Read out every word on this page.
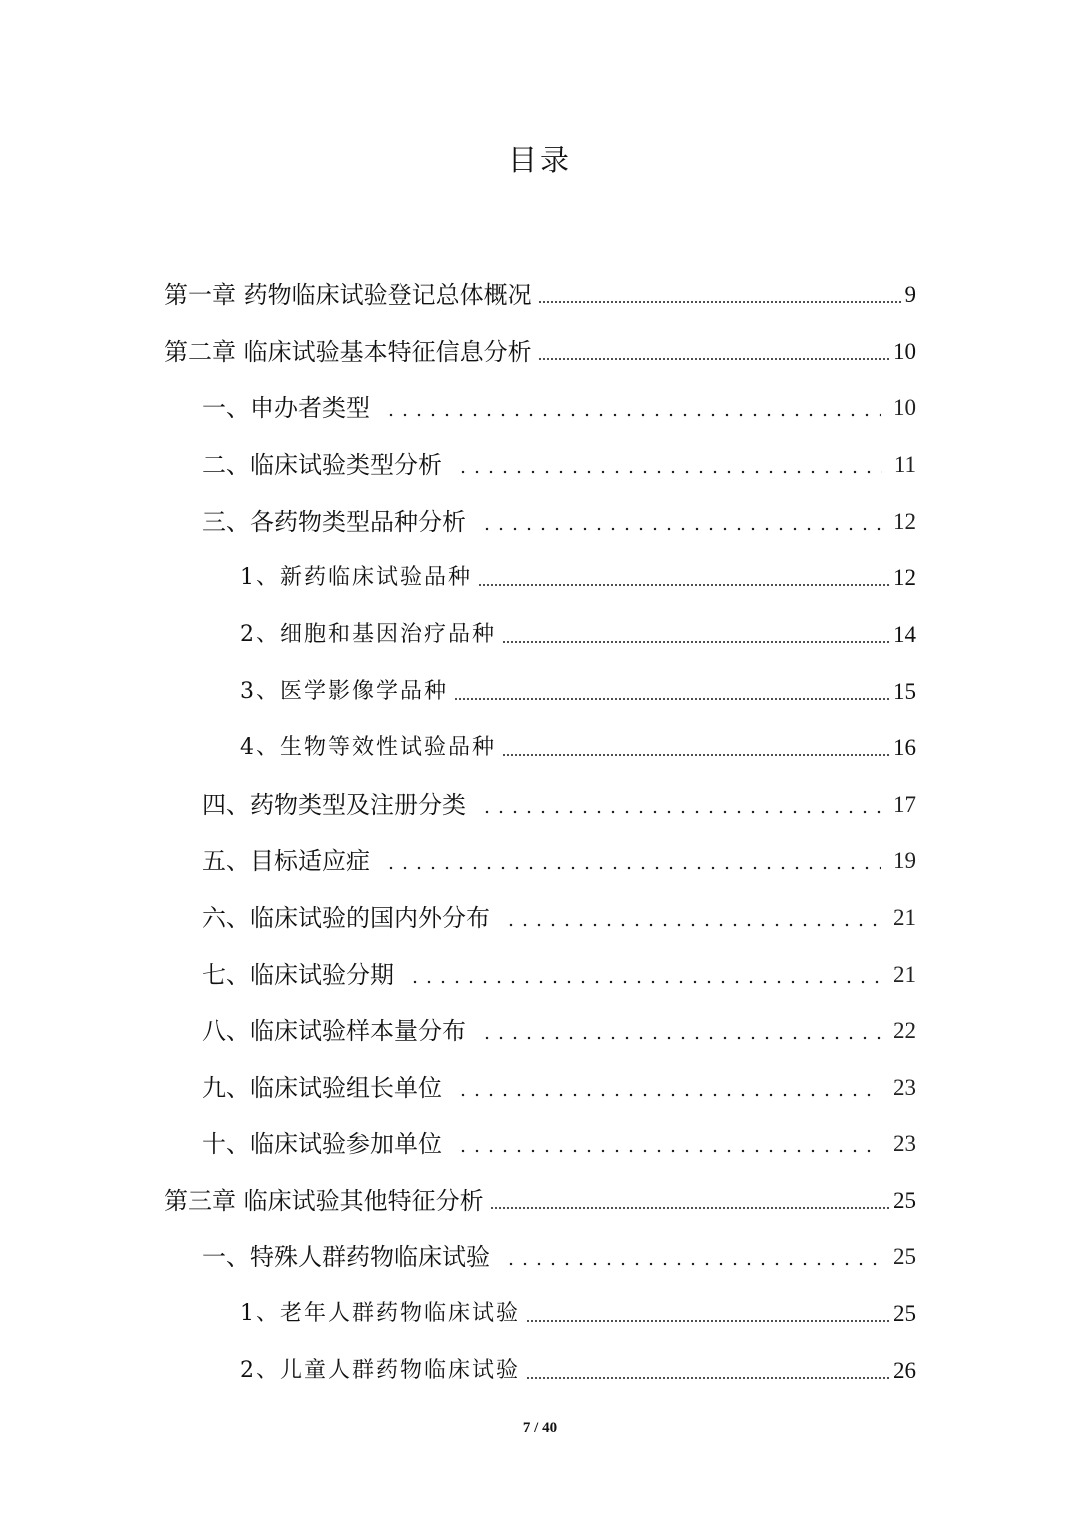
目录
第一章 药物临床试验登记总体概况	9
第二章 临床试验基本特征信息分析	10
一、申办者类型	10
二、临床试验类型分析	11
三、各药物类型品种分析	12
1、新药临床试验品种	12
2、细胞和基因治疗品种	14
3、医学影像学品种	15
4、生物等效性试验品种	16
四、药物类型及注册分类	17
五、目标适应症	19
六、临床试验的国内外分布	21
七、临床试验分期	21
八、临床试验样本量分布	22
九、临床试验组长单位	23
十、临床试验参加单位	23
第三章 临床试验其他特征分析	25
一、特殊人群药物临床试验	25
1、老年人群药物临床试验	25
2、儿童人群药物临床试验	26
7 / 40
